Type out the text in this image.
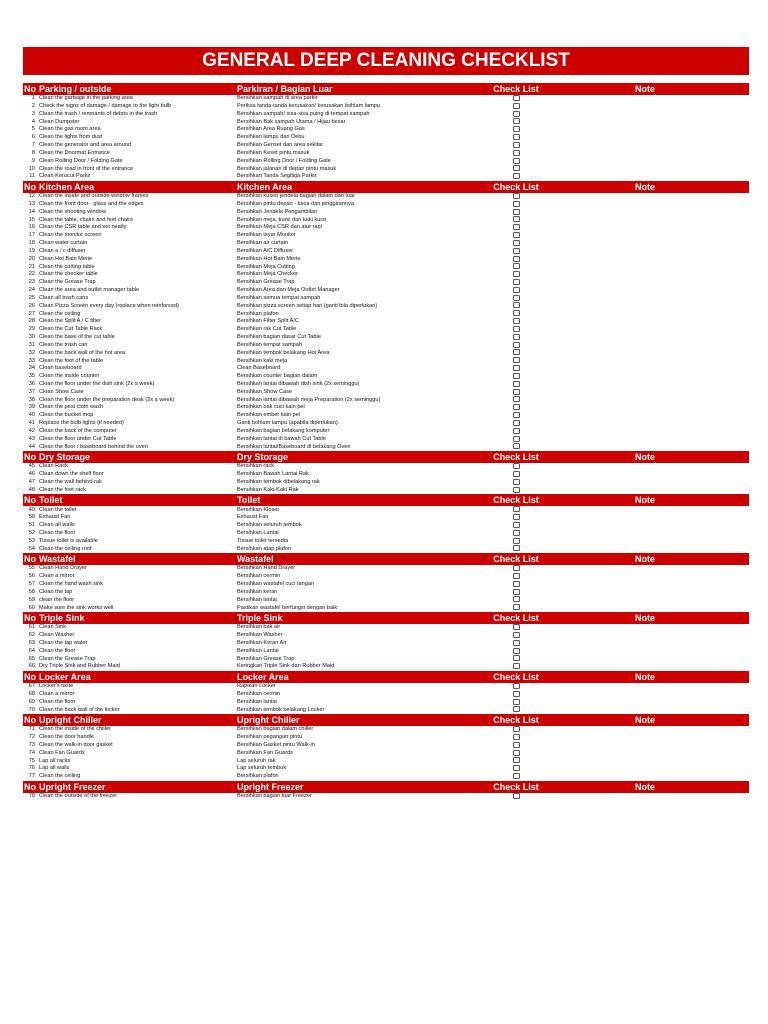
GENERAL DEEP CLEANING CHECKLIST
No	Parking / outside	Parkiran / Bagian Luar	Check List	Note
1	Clean the garbage in the parking area	Bersihkan sampah di area parkir		
2	Check the signs of damage / damage to the light bulb	Periksa tanda-tanda kerusakan/ kerusakan bohlam lampu		
3	Clean the trash / remnants of debris in the trash	Bersihkan sampah/ sisa-sisa puing di tempat sampah		
4	Clean Dumpster	Bersihkan Bak sampah Utama / Hijau besar		
5	Clean the gas room area	Bersihkan Area Ruang Gas		
6	Clean the lights from dust	Bersihkan lampu dari Debu		
7	Clean the generator and area around	Bersihkan Genset dan area sekitar		
8	Clean the Doormat Entrance	Bersihkan Keset pintu masuk		
9	Clean Rolling Door / Folding Gate	Bersihkan Rolling Door / Folding Gate		
10	Clean the road in front of the entrance	Bersihkan jalanan di depan pintu masuk		
11	Clean Kerucut Parkir	Bersihkan Tanda Segitiga Parkir		
No	Kitchen Area	Kitchen Area	Check List	Note
12	Clean the inside and outside window frames	Bersihkan kusen jendela bagian dalam dan luar		
13	Clean the front door - glass and the edges	Bersihkan pintu depan - kaca dan pinggirannya		
14	Clean the shooting window	Bersihkan Jendela Pengambilan		
15	Clean the table, chairs and feet chairs	Bersihkan meja, kursi dan kaki kursi		
16	Clean the CSR table and set neatly	Bersihkan Meja CSR dan atur rapi		
17	Clean the monitor screen	Bersihkan layar Monitor		
18	Clean water curtain	Bersihkan air curtain		
19	Clean a / c diffuser	Bersihkan A/C Diffuser		
20	Clean Hot Bain Merie	Bersihkan Hot Bain Merie		
21	Clean the cutting table	Bersihkan Meja Cutting		
22	Clean the checker table	Bersihkan Meja Checker		
23	Clean the Grease Trap	Bersihkan Grease Trap		
24	Clean the area and outlet manager table	Bersihkan Area dan Meja Outlet Manager		
25	Clean all trash cans	Bersihkan semua tempat sampah		
26	Clean Pizza Screen every day (replace when reinforced)	Bersihkan pizza screen setiap hari (ganti bila diperlukan)		
27	Clean the ceiling	Bersihkan plafon		
28	Clean the Split A / C filter	Bersihkan Filter Split A/C		
29	Clean the Cut Table Rack	Bersihkan rak Cut Table		
30	Clean the base of the cut table	Bersihkan bagian dasar Cut Table		
31	Clean the trash can	Bersihkan tempat sampah		
32	Clean the back wall of the hot area	Bersihkan tembok belakang Hot Area		
33	Clean the foot of the table	Bersihkan kaki meja		
34	Clean baseboard	Clean Baseboard		
35	Clean the inside counter	Bersihkan counter bagian dalam		
36	Clean the floor under the dish sink (2x a week)	Bersihkan lantai dibawah dish sink (2x seminggu)		
37	Clean Show Case	Bersihkan Show Case		
38	Clean the floor under the preparation desk (2x a week)	Bersihkan lantai dibawah meja Preparation (2x seminggu)		
39	Clean the pest cloth wash	Bersihkan bak cuci kain pel		
40	Clean the bucket mop	Bersihkan ember kain pel		
41	Replace the bulb lights (if needed)	Ganti bohlam lampu (apabila diperlukan)		
42	Clean the back of the computer	Bersihkan bagian belakang komputer		
43	Clean the floor under Cut Table	Bersihkan lantai di bawah Cut Table		
44	Clean the floor / baseboard behind the oven	Bersihkan lantai/Baseboard di belakang Oven		
No	Dry Storage	Dry Storage	Check List	Note
45	Clean Rack	Bersihkan rack		
46	Clean down the shelf floor	Bersihkan Bawah Lantai Rak		
47	Clean the wall behind rak	Bersihkan tembok dibelakang rak		
48	Clean the foot rack	Bersihkan Kaki-Kaki Rak		
No	Toilet	Toilet	Check List	Note
49	Clean the toilet	Bersihkan Kloset		
50	Exhaust Fan	Exhaust Fan		
51	Clean all walls	Bersihkan seluruh tembok		
52	Clean the floor	Bersihkan Lantai		
53	Tissue toilet is available	Tissue toilet tersedia		
54	Clean the ceiling roof	Bersihkan atap plafon		
No	Wastafel	Wastafel	Check List	Note
55	Clean Hand Drayer	Bersihkan Hand Drayer		
56	Clean a mirror	Bersihkan cermin		
57	Clean the hand wash sink	Bersihkan wastafel cuci tangan		
58	Clean the tap	Bersihkan keran		
59	clean the floor	Bersihkan lantai		
60	Make sure the sink works well	Pastikan wastafel berfungsi dengan baik		
No	Triple Sink	Triple Sink	Check List	Note
61	Clean Sink	Bersihkan bak air		
62	Clean Washer	Bersihkan Washer		
63	Clean the tap water	Bersihkan Keran Air		
64	Clean the floor	Bersihkan Lantai		
65	Clean the Grease Trap	Bersihkan Grease Trap		
66	Dry Triple Sink and Rubber Maid	Keringkan Triple Sink dan Rubber Maid		
No	Locker Area	Locker Area	Check List	Note
67	Locker's taste	Rapikan Locker		
68	Clean a mirror	Bersihkan cermin		
69	Clean the floor	Bersihkan lantai		
70	Clean the back wall of the locker	Bersihkan tembok belakang Locker		
No	Upright Chiller	Upright Chiller	Check List	Note
71	Clean the inside of the chiller	Bersihkan bagian dalam chiller		
72	Clean the door handle	Bersihkan pegangan pintu		
73	Clean the walk-in door gasket	Bersihkan Gasket pintu Walk-in		
74	Clean Fan Guards	Bersihkan Fan Guards		
75	Lap all racks	Lap seluruh rak		
76	Lap all walls	Lap seluruh tembok		
77	Clean the ceiling	Bersihkan plafon		
No	Upright Freezer	Upright Freezer	Check List	Note
78	Clean the outside of the freezer	Bersihkan bagian luar Freezer		
